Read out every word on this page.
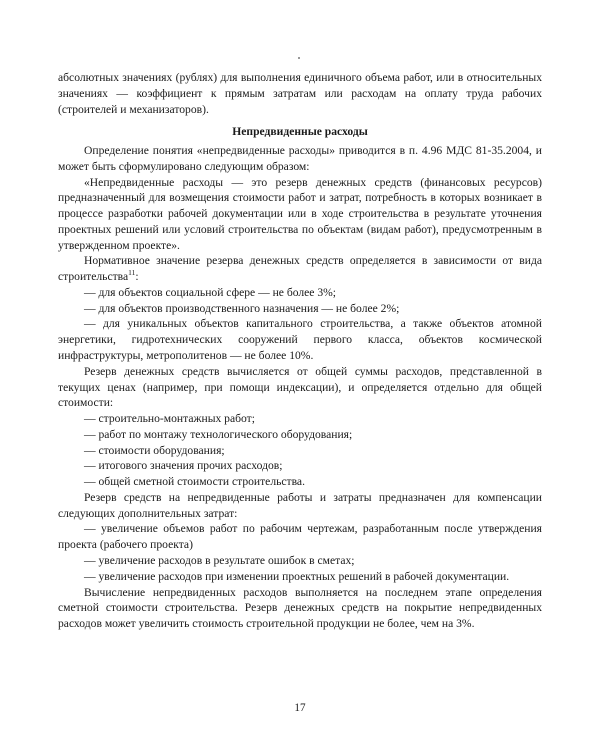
абсолютных значениях (рублях) для выполнения единичного объема работ, или в относительных значениях — коэффициент к прямым затратам или расходам на оплату труда рабочих (строителей и механизаторов).

Непредвиденные расходы

Определение понятия «непредвиденные расходы» приводится в п. 4.96 МДС 81-35.2004, и может быть сформулировано следующим образом:

«Непредвиденные расходы — это резерв денежных средств (финансовых ресурсов) предназначенный для возмещения стоимости работ и затрат, потребность в которых возникает в процессе разработки рабочей документации или в ходе строительства в результате уточнения проектных решений или условий строительства по объектам (видам работ), предусмотренным в утвержденном проекте».

Нормативное значение резерва денежных средств определяется в зависимости от вида строительства$^{11}$:

— для объектов социальной сфере — не более 3%;

— для объектов производственного назначения — не более 2%;

— для уникальных объектов капитального строительства, а также объектов атомной энергетики, гидротехнических сооружений первого класса, объектов космической инфраструктуры, метрополитенов — не более 10%.

Резерв денежных средств вычисляется от общей суммы расходов, представленной в текущих ценах (например, при помощи индексации), и определяется отдельно для общей стоимости:

— строительно-монтажных работ;

— работ по монтажу технологического оборудования;

— стоимости оборудования;

— итогового значения прочих расходов;

— общей сметной стоимости строительства.

Резерв средств на непредвиденные работы и затраты предназначен для компенсации следующих дополнительных затрат:

— увеличение объемов работ по рабочим чертежам, разработанным после утверждения проекта (рабочего проекта)

— увеличение расходов в результате ошибок в сметах;

— увеличение расходов при изменении проектных решений в рабочей документации.

Вычисление непредвиденных расходов выполняется на последнем этапе определения сметной стоимости строительства. Резерв денежных средств на покрытие непредвиденных расходов может увеличить стоимость строительной продукции не более, чем на 3%.

17
